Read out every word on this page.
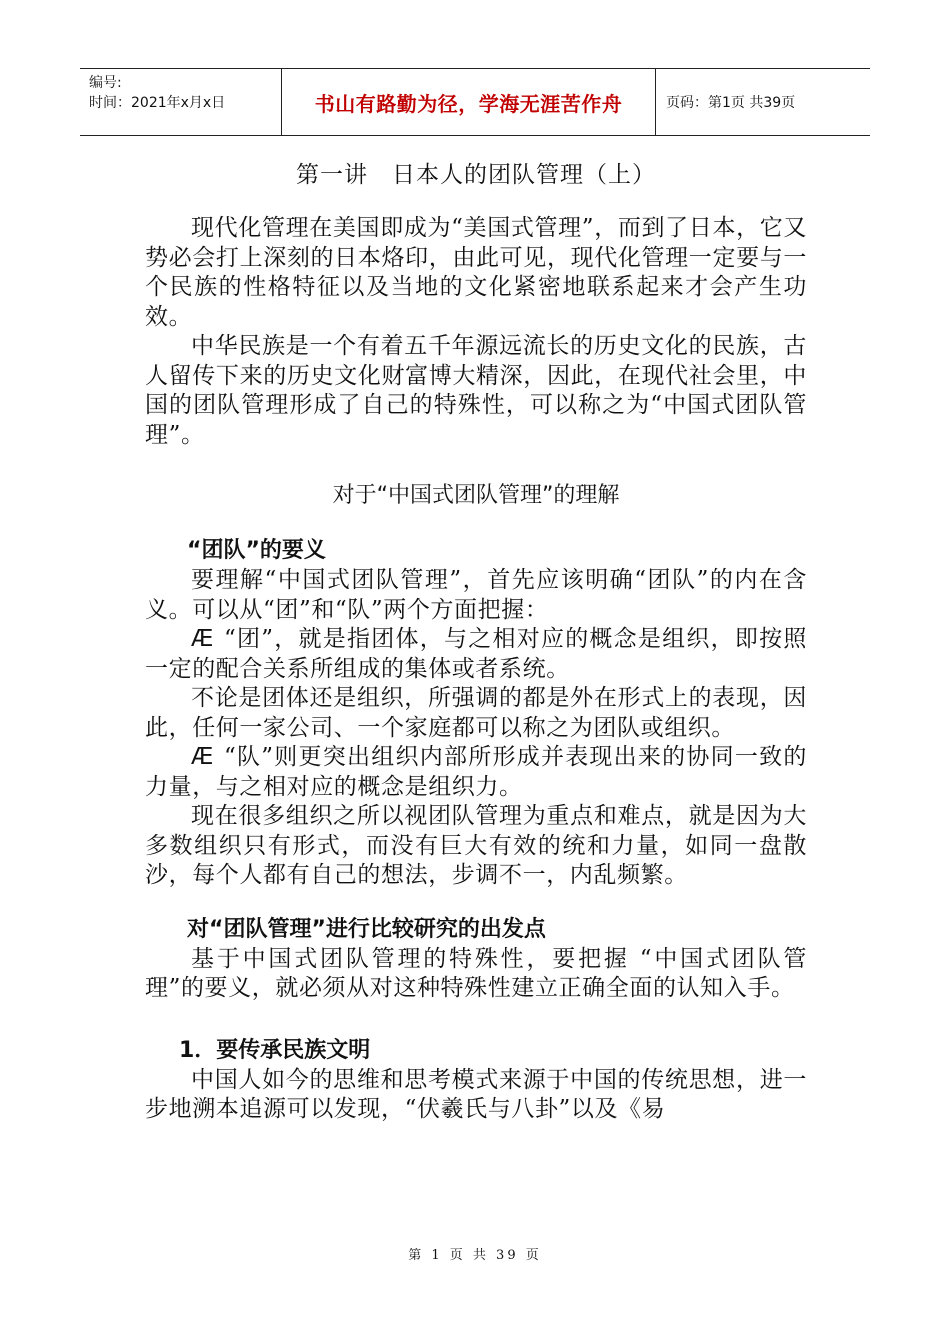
编号:
时间：2021年x月x日	书山有路勤为径，学海无涯苦作舟	页码：第1页 共39页
第一讲　日本人的团队管理（上）

现代化管理在美国即成为“美国式管理”，而到了日本，它又势必会打上深刻的日本烙印，由此可见，现代化管理一定要与一个民族的性格特征以及当地的文化紧密地联系起来才会产生功效。

中华民族是一个有着五千年源远流长的历史文化的民族，古人留传下来的历史文化财富博大精深，因此，在现代社会里，中国的团队管理形成了自己的特殊性，可以称之为“中国式团队管理”。

对于“中国式团队管理”的理解
“团队”的要义

要理解“中国式团队管理”，首先应该明确“团队”的内在含义。可以从“团”和“队”两个方面把握：

Æ “团”，就是指团体，与之相对应的概念是组织，即按照一定的配合关系所组成的集体或者系统。

不论是团体还是组织，所强调的都是外在形式上的表现，因此，任何一家公司、一个家庭都可以称之为团队或组织。

Æ “队”则更突出组织内部所形成并表现出来的协同一致的力量，与之相对应的概念是组织力。

现在很多组织之所以视团队管理为重点和难点，就是因为大多数组织只有形式，而没有巨大有效的统和力量，如同一盘散沙，每个人都有自己的想法，步调不一，内乱频繁。

对“团队管理”进行比较研究的出发点

基于中国式团队管理的特殊性，要把握 “中国式团队管理”的要义，就必须从对这种特殊性建立正确全面的认知入手。

1．要传承民族文明

中国人如今的思维和思考模式来源于中国的传统思想，进一步地溯本追源可以发现，“伏羲氏与八卦”以及《易

第 1 页 共 39 页
